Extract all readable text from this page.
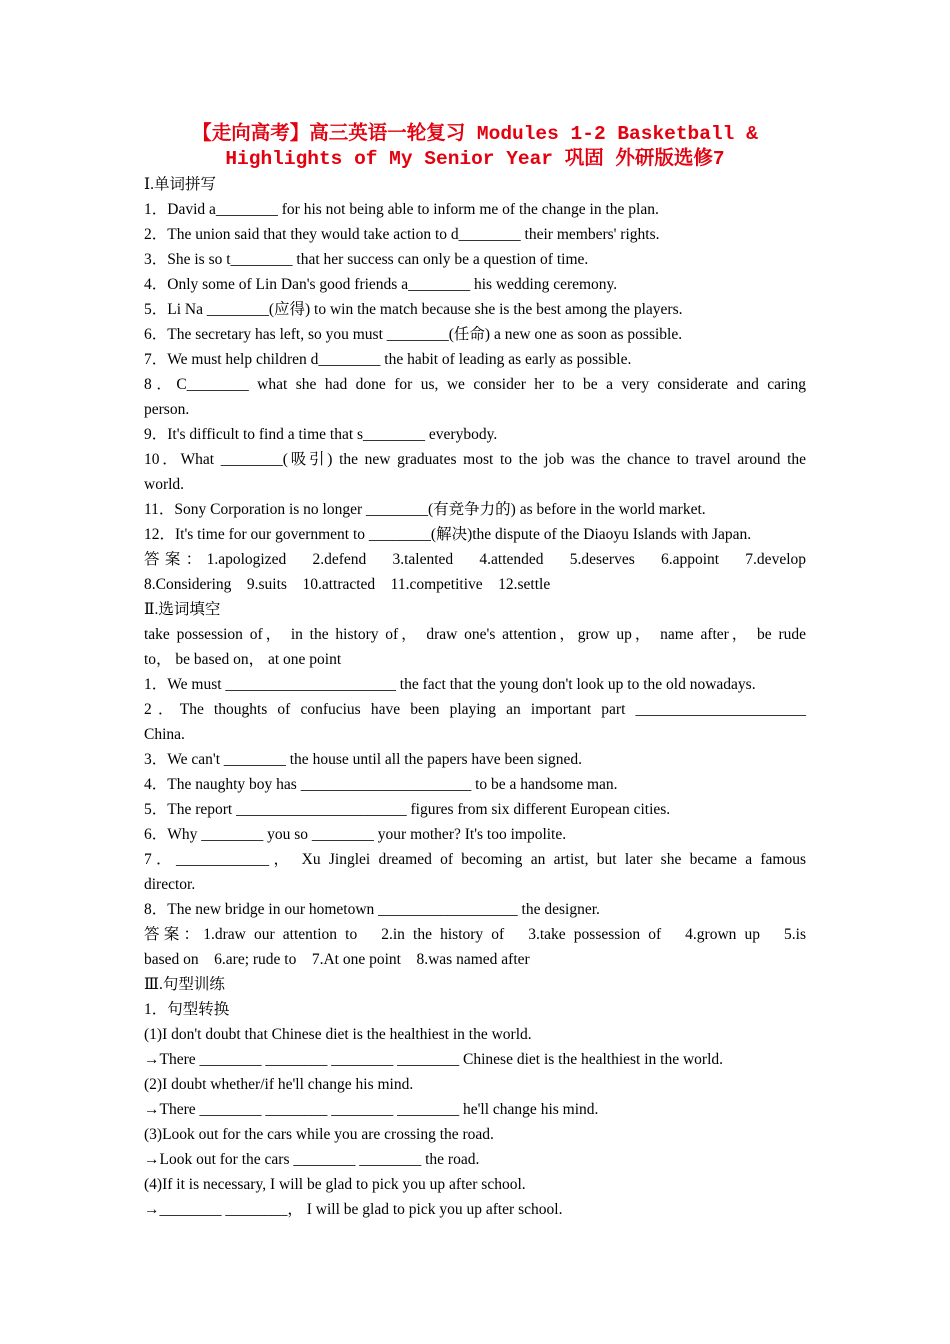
【走向高考】高三英语一轮复习 Modules 1-2 Basketball &
Highlights of My Senior Year 巩固 外研版选修7
Ⅰ.单词拼写
1．David a________ for his not being able to inform me of the change in the plan.
2．The union said that they would take action to d________ their members' rights.
3．She is so t________ that her success can only be a question of time.
4．Only some of Lin Dan's good friends a________ his wedding ceremony.
5．Li Na ________(应得) to win the match because she is the best among the players.
6．The secretary has left, so you must ________(任命) a new one as soon as possible.
7．We must help children d________ the habit of leading as early as possible.
8．C________ what she had done for us, we consider her to be a very considerate and caring
person.
9．It's difficult to find a time that s________ everybody.
10．What ________(吸引) the new graduates most to the job was the chance to travel around the
world.
11．Sony Corporation is no longer ________(有竞争力的) as before in the world market.
12．It's time for our government to ________(解决)the dispute of the Diaoyu Islands with Japan.
答案：1.apologized　2.defend　3.talented　4.attended　5.deserves　6.appoint　7.develop
8.Considering　9.suits　10.attracted　11.competitive　12.settle
Ⅱ.选词填空
take possession of， in the history of， draw one's attention，grow up， name after， be rude
to， be based on， at one point
1．We must ______________________ the fact that the young don't look up to the old nowadays.
2．The thoughts of confucius have been playing an important part ______________________
China.
3．We can't ________ the house until all the papers have been signed.
4．The naughty boy has ______________________ to be a handsome man.
5．The report ______________________ figures from six different European cities.
6．Why ________ you so ________ your mother? It's too impolite.
7．____________， Xu Jinglei dreamed of becoming an artist, but later she became a famous
director.
8．The new bridge in our hometown __________________ the designer.
答案：1.draw our attention to　2.in the history of　3.take possession of　4.grown up　5.is
based on　6.are; rude to　7.At one point　8.was named after
Ⅲ.句型训练
1．句型转换
(1)I don't doubt that Chinese diet is the healthiest in the world.
→There ________ ________ ________ ________ Chinese diet is the healthiest in the world.
(2)I doubt whether/if he'll change his mind.
→There ________ ________ ________ ________ he'll change his mind.
(3)Look out for the cars while you are crossing the road.
→Look out for the cars ________ ________ the road.
(4)If it is necessary, I will be glad to pick you up after school.
→________ ________， I will be glad to pick you up after school.
